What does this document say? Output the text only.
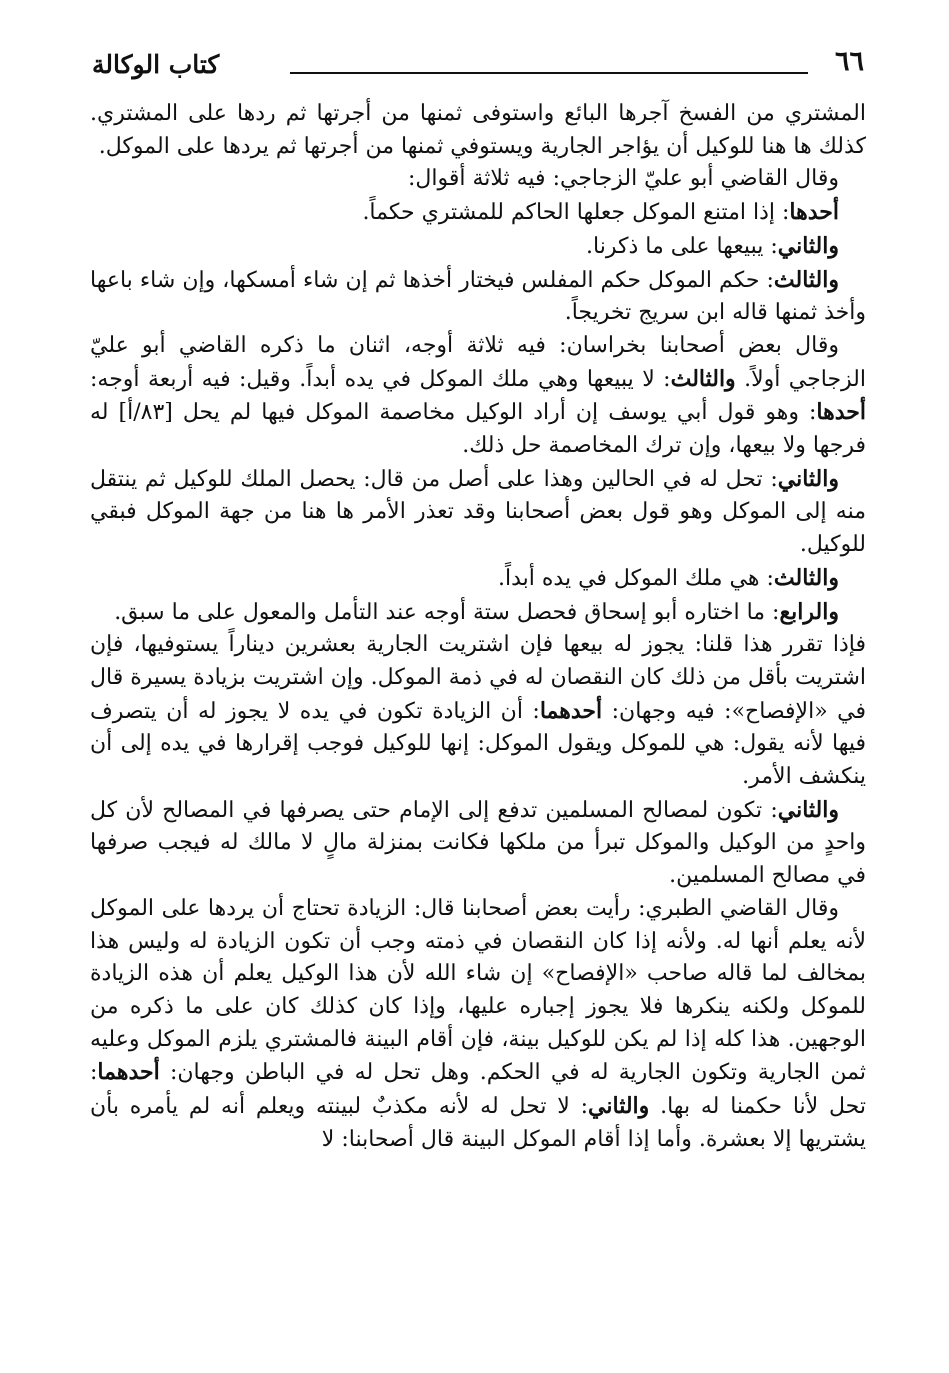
٦٦
كتاب الوكالة

المشتري من الفسخ آجرها البائع واستوفى ثمنها من أجرتها ثم ردها على المشتري. كذلك ها هنا للوكيل أن يؤاجر الجارية ويستوفي ثمنها من أجرتها ثم يردها على الموكل.

وقال القاضي أبو عليّ الزجاجي: فيه ثلاثة أقوال:

أحدها: إذا امتنع الموكل جعلها الحاكم للمشتري حكماً.

والثاني: يبيعها على ما ذكرنا.

والثالث: حكم الموكل حكم المفلس فيختار أخذها ثم إن شاء أمسكها، وإن شاء باعها وأخذ ثمنها قاله ابن سريج تخريجاً.

وقال بعض أصحابنا بخراسان: فيه ثلاثة أوجه، اثنان ما ذكره القاضي أبو عليّ الزجاجي أولاً. والثالث: لا يبيعها وهي ملك الموكل في يده أبداً. وقيل: فيه أربعة أوجه: أحدها: وهو قول أبي يوسف إن أراد الوكيل مخاصمة الموكل فيها لم يحل [٨٣/أ] له فرجها ولا بيعها، وإن ترك المخاصمة حل ذلك.

والثاني: تحل له في الحالين وهذا على أصل من قال: يحصل الملك للوكيل ثم ينتقل منه إلى الموكل وهو قول بعض أصحابنا وقد تعذر الأمر ها هنا من جهة الموكل فبقي للوكيل.

والثالث: هي ملك الموكل في يده أبداً.

والرابع: ما اختاره أبو إسحاق فحصل ستة أوجه عند التأمل والمعول على ما سبق.

فإذا تقرر هذا قلنا: يجوز له بيعها فإن اشتريت الجارية بعشرين ديناراً يستوفيها، فإن اشتريت بأقل من ذلك كان النقصان له في ذمة الموكل. وإن اشتريت بزيادة يسيرة قال في «الإفصاح»: فيه وجهان: أحدهما: أن الزيادة تكون في يده لا يجوز له أن يتصرف فيها لأنه يقول: هي للموكل ويقول الموكل: إنها للوكيل فوجب إقرارها في يده إلى أن ينكشف الأمر.

والثاني: تكون لمصالح المسلمين تدفع إلى الإمام حتى يصرفها في المصالح لأن كل واحدٍ من الوكيل والموكل تبرأ من ملكها فكانت بمنزلة مالٍ لا مالك له فيجب صرفها في مصالح المسلمين.

وقال القاضي الطبري: رأيت بعض أصحابنا قال: الزيادة تحتاج أن يردها على الموكل لأنه يعلم أنها له. ولأنه إذا كان النقصان في ذمته وجب أن تكون الزيادة له وليس هذا بمخالف لما قاله صاحب «الإفصاح» إن شاء الله لأن هذا الوكيل يعلم أن هذه الزيادة للموكل ولكنه ينكرها فلا يجوز إجباره عليها، وإذا كان كذلك كان على ما ذكره من الوجهين. هذا كله إذا لم يكن للوكيل بينة، فإن أقام البينة فالمشتري يلزم الموكل وعليه ثمن الجارية وتكون الجارية له في الحكم. وهل تحل له في الباطن وجهان: أحدهما: تحل لأنا حكمنا له بها. والثاني: لا تحل له لأنه مكذبٌ لبينته ويعلم أنه لم يأمره بأن يشتريها إلا بعشرة. وأما إذا أقام الموكل البينة قال أصحابنا: لا
